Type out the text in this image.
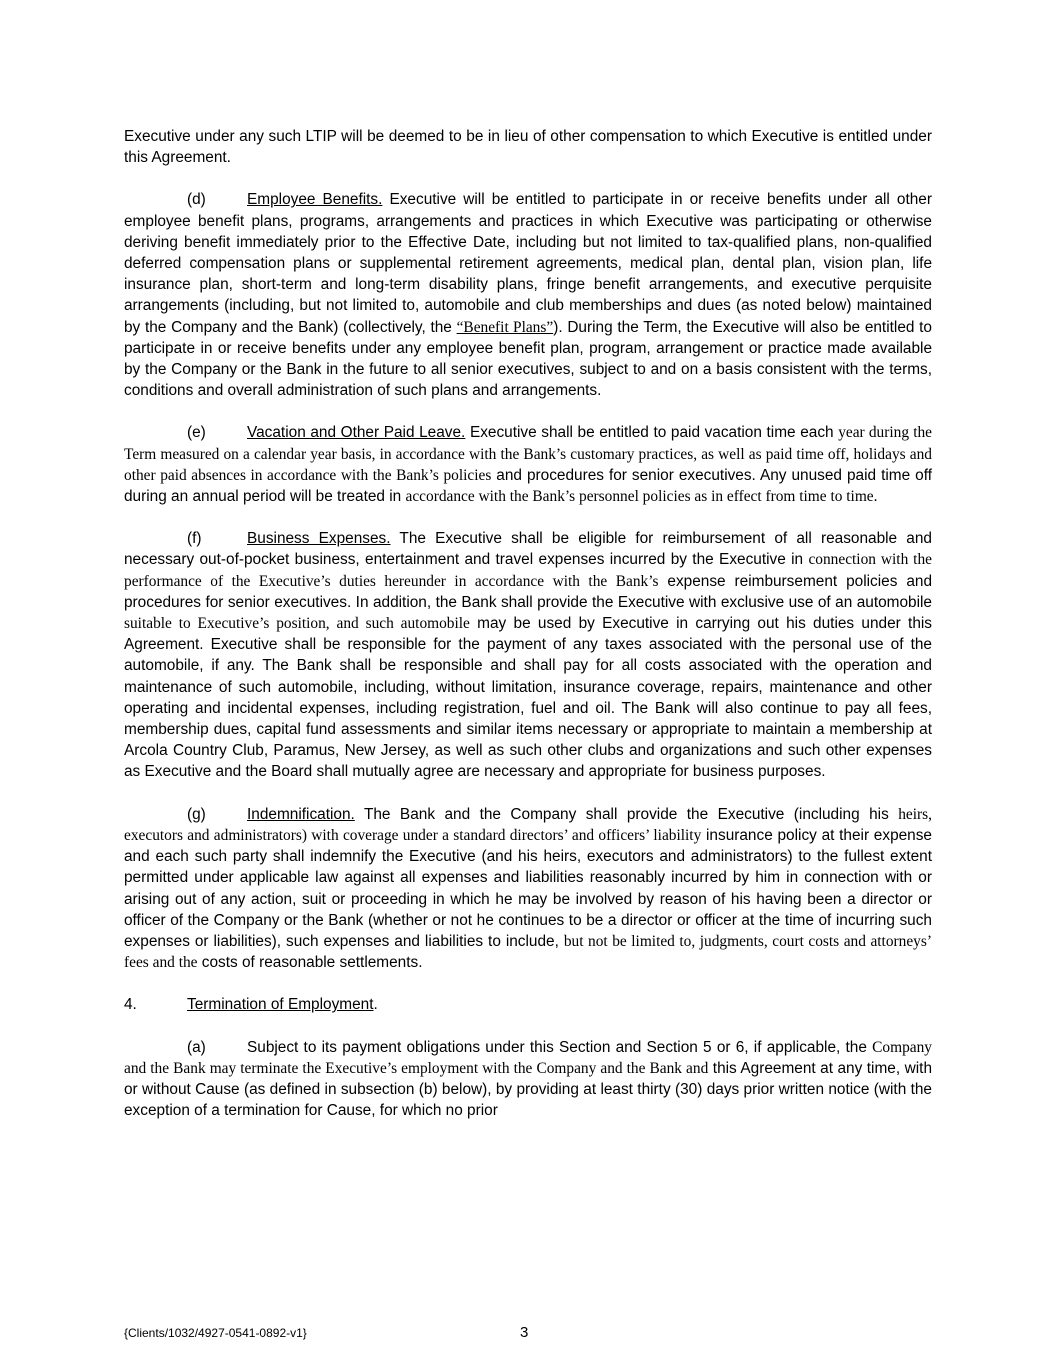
Executive under any such LTIP will be deemed to be in lieu of other compensation to which Executive is entitled under this Agreement.

(d)	Employee Benefits. Executive will be entitled to participate in or receive benefits under all other employee benefit plans, programs, arrangements and practices in which Executive was participating or otherwise deriving benefit immediately prior to the Effective Date, including but not limited to tax-qualified plans, non-qualified deferred compensation plans or supplemental retirement agreements, medical plan, dental plan, vision plan, life insurance plan, short-term and long-term disability plans, fringe benefit arrangements, and executive perquisite arrangements (including, but not limited to, automobile and club memberships and dues (as noted below) maintained by the Company and the Bank) (collectively, the “Benefit Plans”). During the Term, the Executive will also be entitled to participate in or receive benefits under any employee benefit plan, program, arrangement or practice made available by the Company or the Bank in the future to all senior executives, subject to and on a basis consistent with the terms, conditions and overall administration of such plans and arrangements.

(e)	Vacation and Other Paid Leave. Executive shall be entitled to paid vacation time each year during the Term measured on a calendar year basis, in accordance with the Bank’s customary practices, as well as paid time off, holidays and other paid absences in accordance with the Bank’s policies and procedures for senior executives. Any unused paid time off during an annual period will be treated in accordance with the Bank’s personnel policies as in effect from time to time.

(f)	Business Expenses. The Executive shall be eligible for reimbursement of all reasonable and necessary out-of-pocket business, entertainment and travel expenses incurred by the Executive in connection with the performance of the Executive’s duties hereunder in accordance with the Bank’s expense reimbursement policies and procedures for senior executives. In addition, the Bank shall provide the Executive with exclusive use of an automobile suitable to Executive’s position, and such automobile may be used by Executive in carrying out his duties under this Agreement. Executive shall be responsible for the payment of any taxes associated with the personal use of the automobile, if any. The Bank shall be responsible and shall pay for all costs associated with the operation and maintenance of such automobile, including, without limitation, insurance coverage, repairs, maintenance and other operating and incidental expenses, including registration, fuel and oil. The Bank will also continue to pay all fees, membership dues, capital fund assessments and similar items necessary or appropriate to maintain a membership at Arcola Country Club, Paramus, New Jersey, as well as such other clubs and organizations and such other expenses as Executive and the Board shall mutually agree are necessary and appropriate for business purposes.

(g)	Indemnification. The Bank and the Company shall provide the Executive (including his heirs, executors and administrators) with coverage under a standard directors’ and officers’ liability insurance policy at their expense and each such party shall indemnify the Executive (and his heirs, executors and administrators) to the fullest extent permitted under applicable law against all expenses and liabilities reasonably incurred by him in connection with or arising out of any action, suit or proceeding in which he may be involved by reason of his having been a director or officer of the Company or the Bank (whether or not he continues to be a director or officer at the time of incurring such expenses or liabilities), such expenses and liabilities to include, but not be limited to, judgments, court costs and attorneys’ fees and the costs of reasonable settlements.

4.	Termination of Employment.

(a)	Subject to its payment obligations under this Section and Section 5 or 6, if applicable, the Company and the Bank may terminate the Executive’s employment with the Company and the Bank and this Agreement at any time, with or without Cause (as defined in subsection (b) below), by providing at least thirty (30) days prior written notice (with the exception of a termination for Cause, for which no prior

{Clients/1032/4927-0541-0892-v1}	3
